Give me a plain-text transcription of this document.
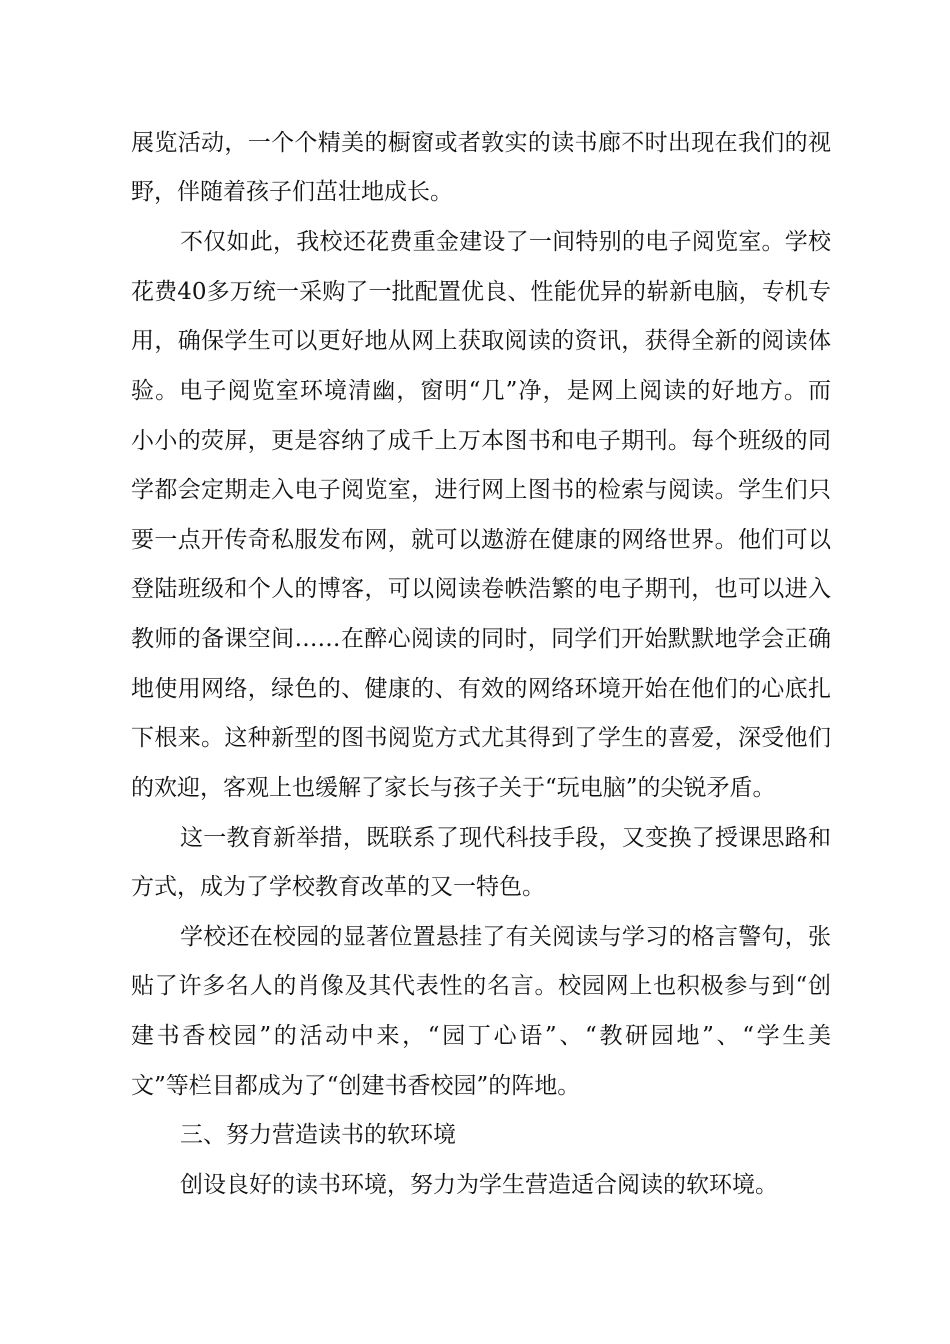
展览活动，一个个精美的橱窗或者敦实的读书廊不时出现在我们的视
野，伴随着孩子们茁壮地成长。
不仅如此，我校还花费重金建设了一间特别的电子阅览室。学校
花费40多万统一采购了一批配置优良、性能优异的崭新电脑，专机专
用，确保学生可以更好地从网上获取阅读的资讯，获得全新的阅读体
验。电子阅览室环境清幽，窗明“几”净，是网上阅读的好地方。而
小小的荧屏，更是容纳了成千上万本图书和电子期刊。每个班级的同
学都会定期走入电子阅览室，进行网上图书的检索与阅读。学生们只
要一点开传奇私服发布网，就可以遨游在健康的网络世界。他们可以
登陆班级和个人的博客，可以阅读卷帙浩繁的电子期刊，也可以进入
教师的备课空间……在醉心阅读的同时，同学们开始默默地学会正确
地使用网络，绿色的、健康的、有效的网络环境开始在他们的心底扎
下根来。这种新型的图书阅览方式尤其得到了学生的喜爱，深受他们
的欢迎，客观上也缓解了家长与孩子关于“玩电脑”的尖锐矛盾。
这一教育新举措，既联系了现代科技手段，又变换了授课思路和
方式，成为了学校教育改革的又一特色。
学校还在校园的显著位置悬挂了有关阅读与学习的格言警句，张
贴了许多名人的肖像及其代表性的名言。校园网上也积极参与到“创
建书香校园”的活动中来，“园丁心语”、“教研园地”、“学生美
文”等栏目都成为了“创建书香校园”的阵地。
三、努力营造读书的软环境
创设良好的读书环境，努力为学生营造适合阅读的软环境。
